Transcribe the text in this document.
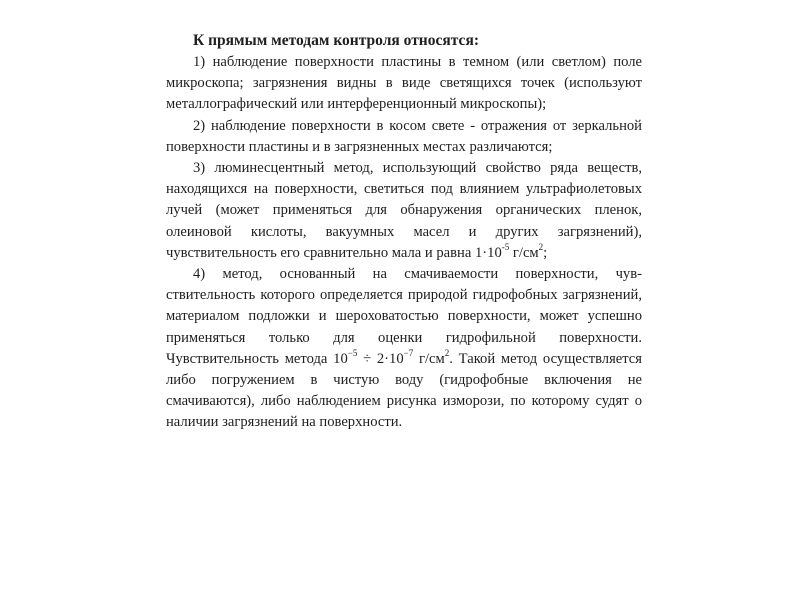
К прямым методам контроля относятся:

1) наблюдение поверхности пластины в темном (или светлом) поле микроскопа; загрязнения видны в виде светящихся точек (используют металлографический или интерференционный микроскопы);

2) наблюдение поверхности в косом свете - отражения от зеркальной поверхности пластины и в загрязненных местах различаются;

3) люминесцентный метод, использующий свойство ряда веществ, находящихся на поверхности, светиться под влиянием ультрафиолетовых лучей (может применяться для обнаружения органических пленок, олеиновой кислоты, вакуумных масел и других загрязнений), чувствительность его сравнительно мала и равна $1\cdot 10^{-5}$ $г/см^2$;

4) метод, основанный на смачиваемости поверхности, чувствительность которого определяется природой гидрофобных загрязнений, материалом подложки и шероховатостью поверхности, может успешно применяться только для оценки гидрофильной поверхности. Чувствительность метода $10^{-5} \div 2\cdot 10^{-7}$ $г/см^2$. Такой метод осуществляется либо погружением в чистую воду (гидрофобные включения не смачиваются), либо наблюдением рисунка изморози, по которому судят о наличии загрязнений на поверхности.
